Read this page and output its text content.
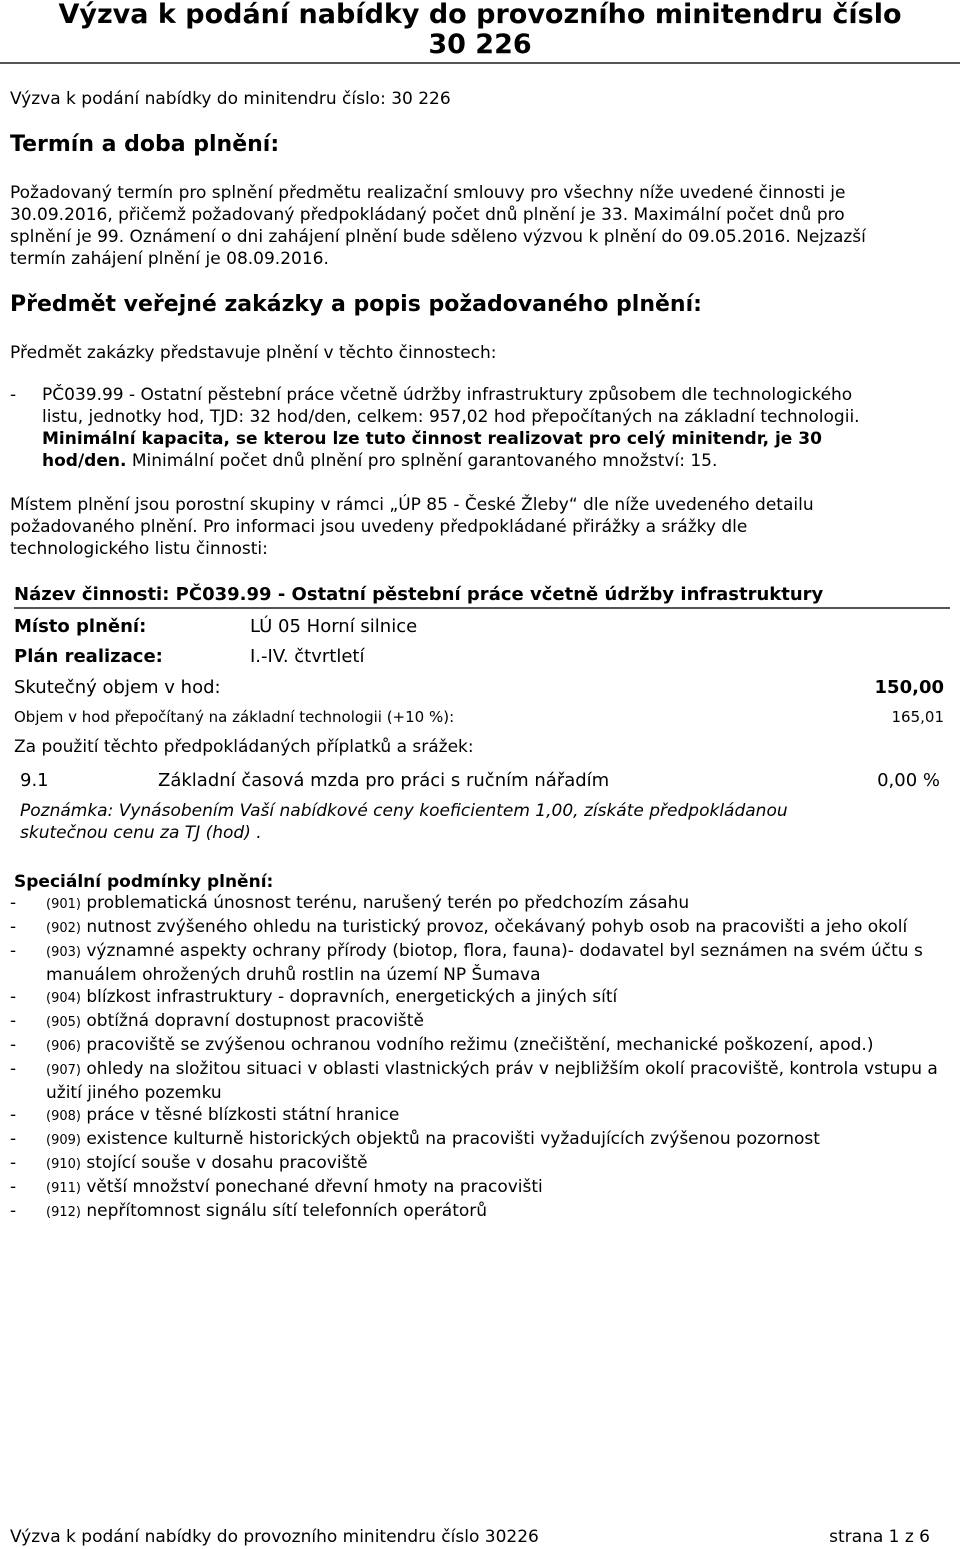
Výzva k podání nabídky do provozního minitendru číslo
30 226
Výzva k podání nabídky do minitendru číslo: 30 226
Termín a doba plnění:
Požadovaný termín pro splnění předmětu realizační smlouvy pro všechny níže uvedené činnosti je
30.09.2016, přičemž požadovaný předpokládaný počet dnů plnění je 33. Maximální počet dnů pro
splnění je 99. Oznámení o dni zahájení plnění bude sděleno výzvou k plnění do 09.05.2016. Nejzazší
termín zahájení plnění je 08.09.2016.
Předmět veřejné zakázky a popis požadovaného plnění:
Předmět zakázky představuje plnění v těchto činnostech:
- PČ039.99 - Ostatní pěstební práce včetně údržby infrastruktury způsobem dle technologického
listu, jednotky hod, TJD: 32 hod/den, celkem: 957,02 hod přepočítaných na základní technologii.
Minimální kapacita, se kterou lze tuto činnost realizovat pro celý minitendr, je 30
hod/den. Minimální počet dnů plnění pro splnění garantovaného množství: 15.
Místem plnění jsou porostní skupiny v rámci „ÚP 85 - České Žleby“ dle níže uvedeného detailu
požadovaného plnění. Pro informaci jsou uvedeny předpokládané přirážky a srážky dle
technologického listu činnosti:
Název činnosti: PČ039.99 - Ostatní pěstební práce včetně údržby infrastruktury
Místo plnění:	LÚ 05 Horní silnice
Plán realizace:	I.-IV. čtvrtletí
Skutečný objem v hod:	150,00
Objem v hod přepočítaný na základní technologii (+10 %):	165,01
Za použití těchto předpokládaných příplatků a srážek:
9.1	Základní časová mzda pro práci s ručním nářadím	0,00 %
Poznámka: Vynásobením Vaší nabídkové ceny koeficientem 1,00, získáte předpokládanou
skutečnou cenu za TJ (hod) .
Speciální podmínky plnění:
- (901) problematická únosnost terénu, narušený terén po předchozím zásahu
- (902) nutnost zvýšeného ohledu na turistický provoz, očekávaný pohyb osob na pracovišti a jeho okolí
- (903) významné aspekty ochrany přírody (biotop, flora, fauna)- dodavatel byl seznámen na svém účtu s manuálem ohrožených druhů rostlin na území NP Šumava
- (904) blízkost infrastruktury - dopravních, energetických a jiných sítí
- (905) obtížná dopravní dostupnost pracoviště
- (906) pracoviště se zvýšenou ochranou vodního režimu (znečištění, mechanické poškození, apod.)
- (907) ohledy na složitou situaci v oblasti vlastnických práv v nejbližším okolí pracoviště, kontrola vstupu a užití jiného pozemku
- (908) práce v těsné blízkosti státní hranice
- (909) existence kulturně historických objektů na pracovišti vyžadujících zvýšenou pozornost
- (910) stojící souše v dosahu pracoviště
- (911) větší množství ponechané dřevní hmoty na pracovišti
- (912) nepřítomnost signálu sítí telefonních operátorů
Výzva k podání nabídky do provozního minitendru číslo 30226	strana 1 z 6
